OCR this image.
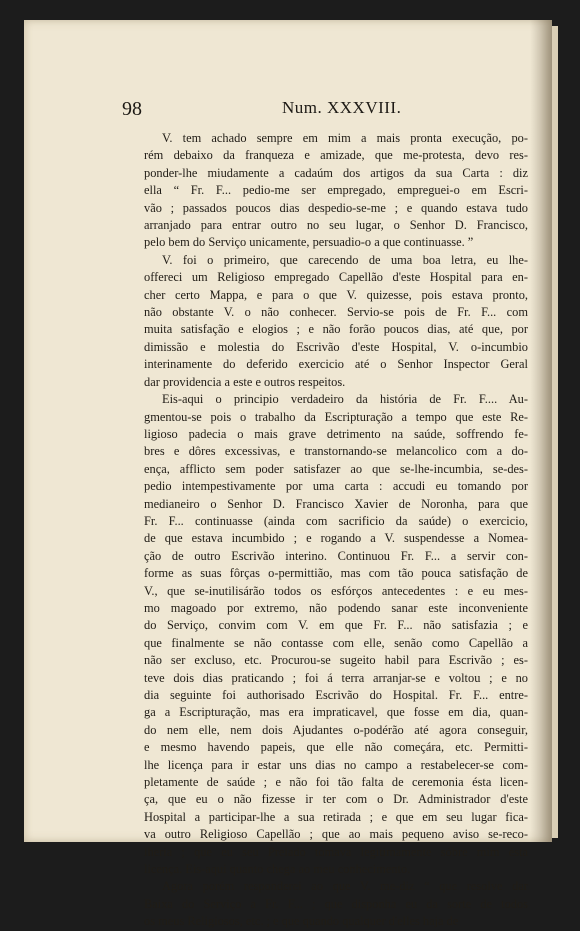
98	Num. XXXVIII.

V. tem achado sempre em mim a mais pronta execução, po-
rém debaixo da franqueza e amizade, que me-protesta, devo res-
ponder-lhe miudamente a cadaúm dos artigos da sua Carta : diz
ella “ Fr. F... pedio-me ser empregado, empreguei-o em Escri-
vão ; passados poucos dias despedio-se-me ; e quando estava tudo
arranjado para entrar outro no seu lugar, o Senhor D. Francisco,
pelo bem do Serviço unicamente, persuadio-o a que continuasse. ”

V. foi o primeiro, que carecendo de uma boa letra, eu lhe-
offereci um Religioso empregado Capellão d'este Hospital para en-
cher certo Mappa, e para o que V. quizesse, pois estava pronto,
não obstante V. o não conhecer. Servio-se pois de Fr. F... com
muita satisfação e elogios ; e não forão poucos dias, até que, por
dimissão e molestia do Escrivão d'este Hospital, V. o-incumbio
interinamente do deferido exercicio até o Senhor Inspector Geral
dar providencia a este e outros respeitos.

Eis-aqui o principio verdadeiro da história de Fr. F.... Au-
gmentou-se pois o trabalho da Escripturação a tempo que este Re-
ligioso padecia o mais grave detrimento na saúde, soffrendo fe-
bres e dôres excessivas, e transtornando-se melancolico com a do-
ença, afflicto sem poder satisfazer ao que se-lhe-incumbia, se-des-
pedio intempestivamente por uma carta : accudi eu tomando por
medianeiro o Senhor D. Francisco Xavier de Noronha, para que
Fr. F... continuasse (ainda com sacrificio da saúde) o exercicio,
de que estava incumbido ; e rogando a V. suspendesse a Nomea-
ção de outro Escrivão interino. Continuou Fr. F... a servir con-
forme as suas fôrças o-permittião, mas com tão pouca satisfação de
V., que se-inutilisárão todos os esfórços antecedentes : e eu mes-
mo magoado por extremo, não podendo sanar este inconveniente
do Serviço, convim com V. em que Fr. F... não satisfazia ; e
que finalmente se não contasse com elle, senão como Capellão a
não ser excluso, etc. Procurou-se sugeito habil para Escrivão ; es-
teve dois dias praticando ; foi á terra arranjar-se e voltou ; e no
dia seguinte foi authorisado Escrivão do Hospital. Fr. F... entre-
ga a Escripturação, mas era impraticavel, que fosse em dia, quan-
do nem elle, nem dois Ajudantes o-podérão até agora conseguir,
e mesmo havendo papeis, que elle não começára, etc. Permitti-
lhe licença para ir estar uns dias no campo a restabelecer-se com-
pletamente de saúde ; e não foi tão falta de ceremonia ésta licen-
ça, que eu o não fizesse ir ter com o Dr. Administrador d'este
Hospital a participar-lhe a sua retirada ; e que em seu lugar fica-
va outro Religioso Capellão ; que ao mais pequeno aviso se-reco-
lheria ; que eu seu Prelado tomava legitimamente sóbre mim ésta
licença. Eis-aqui quanto chega ao meu conhecimento.

Agora porém responderei ao que V. me-diz “ que resolve dar
Baixa do Serviço a Fr. F... ; que disponha eu da sorte de todos
os meus Religiosos, etc. ; e que quando qualquer d'elles haja de
